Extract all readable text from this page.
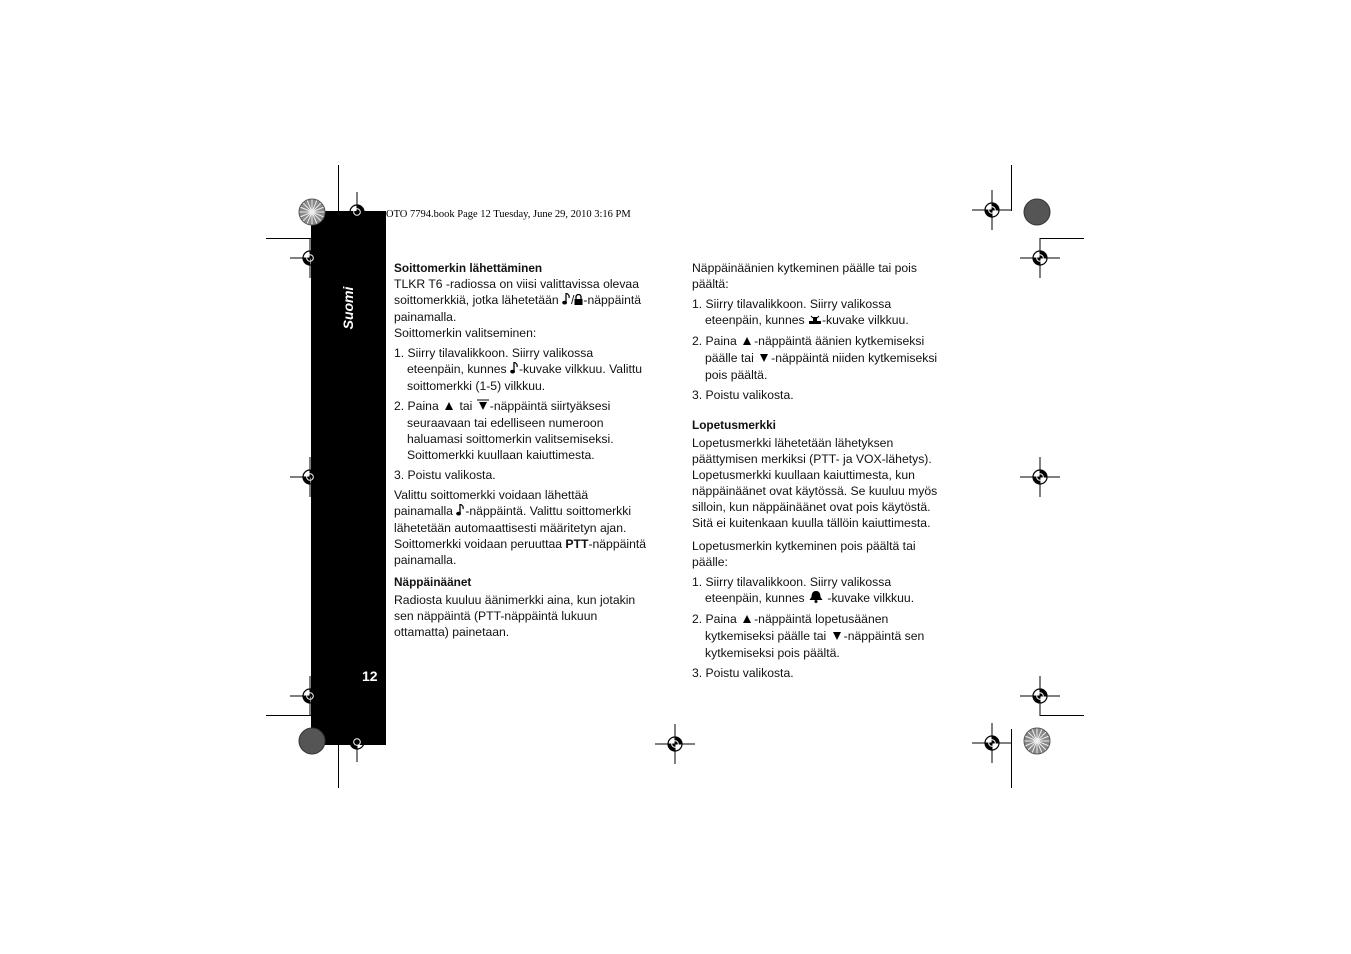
Suomi
12
OTO 7794.book Page 12 Tuesday, June 29, 2010 3:16 PM

Soittomerkin lähettäminen

TLKR T6 -radiossa on viisi valittavissa olevaa

soittomerkkiä, jotka lähetetään / -näppäintä

painamalla.

Soittomerkin valitseminen:

1. Siirry tilavalikkoon. Siirry valikossa

eteenpäin, kunnes -kuvake vilkkuu. Valittu

soittomerkki (1-5) vilkkuu.

2. Paina  tai -näppäintä siirtyäksesi

seuraavaan tai edelliseen numeroon

haluamasi soittomerkin valitsemiseksi.

Soittomerkki kuullaan kaiuttimesta.

3. Poistu valikosta.

Valittu soittomerkki voidaan lähettää

painamalla -näppäintä. Valittu soittomerkki

lähetetään automaattisesti määritetyn ajan.

Soittomerkki voidaan peruuttaa PTT-näppäintä

painamalla.

Näppäinäänet

Radiosta kuuluu äänimerkki aina, kun jotakin

sen näppäintä (PTT-näppäintä lukuun

ottamatta) painetaan.

Näppäinäänien kytkeminen päälle tai pois

päältä:

1. Siirry tilavalikkoon. Siirry valikossa

eteenpäin, kunnes -kuvake vilkkuu.

2. Paina -näppäintä äänien kytkemiseksi

päälle tai -näppäintä niiden kytkemiseksi

pois päältä.

3. Poistu valikosta.

Lopetusmerkki

Lopetusmerkki lähetetään lähetyksen

päättymisen merkiksi (PTT- ja VOX-lähetys).

Lopetusmerkki kuullaan kaiuttimesta, kun

näppäinäänet ovat käytössä. Se kuuluu myös

silloin, kun näppäinäänet ovat pois käytöstä.

Sitä ei kuitenkaan kuulla tällöin kaiuttimesta.

Lopetusmerkin kytkeminen pois päältä tai

päälle:

1. Siirry tilavalikkoon. Siirry valikossa

eteenpäin, kunnes  -kuvake vilkkuu.

2. Paina -näppäintä lopetusäänen

kytkemiseksi päälle tai -näppäintä sen

kytkemiseksi pois päältä.

3. Poistu valikosta.
